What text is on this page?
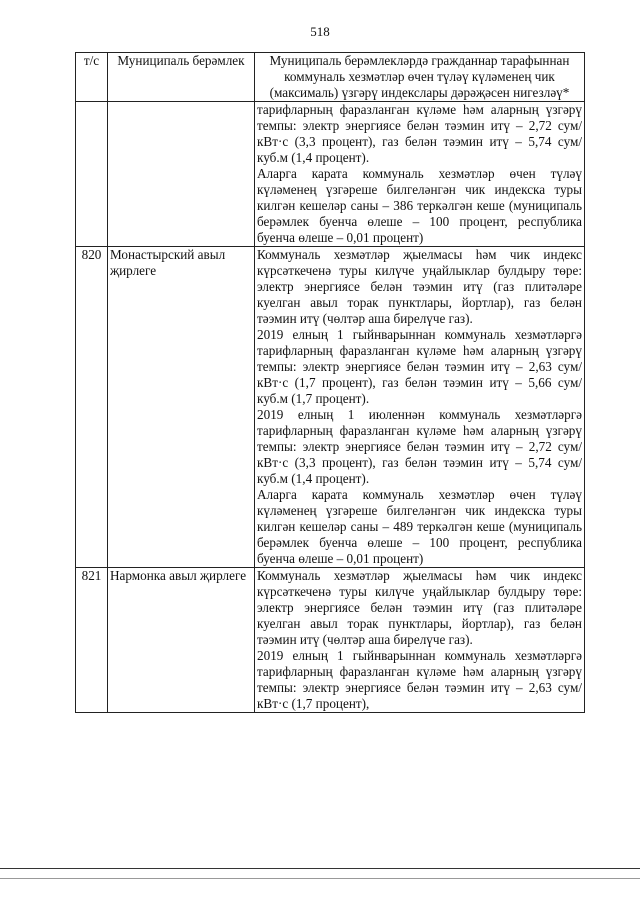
518
т/с	Муниципаль берәмлек	Муниципаль берәмлекләрдә гражданнар тарафыннан коммуналь хезмәтләр өчен түләү күләменең чик (максималь) үзгәрү индекслары дәрәҗәсен нигезләү*

		тарифларның фаразланган күләме һәм аларның үзгәрү темпы: электр энергиясе белән тәэмин итү – 2,72 сум/кВт·с (3,3 процент), газ белән тәэмин итү – 5,74 сум/куб.м (1,4 процент).

Аларга карата коммуналь хезмәтләр өчен түләү күләменең үзгәреше билгеләнгән чик индекска туры килгән кешеләр саны – 386 теркәлгән кеше (муниципаль берәмлек буенча өлеше – 100 процент, республика буенча өлеше – 0,01 процент)

820	Монастырский авыл җирлеге	Коммуналь хезмәтләр җыелмасы һәм чик индекс күрсәткеченә туры килүче уңайлыклар булдыру төре: электр энергиясе белән тәэмин итү (газ плитәләре куелган авыл торак пунктлары, йортлар), газ белән тәэмин итү (чөлтәр аша бирелүче газ).

2019 елның 1 гыйнварыннан коммуналь хезмәтләргә тарифларның фаразланган күләме һәм аларның үзгәрү темпы: электр энергиясе белән тәэмин итү – 2,63 сум/кВт·с (1,7 процент), газ белән тәэмин итү – 5,66 сум/куб.м (1,7 процент).

2019 елның 1 июленнән коммуналь хезмәтләргә тарифларның фаразланган күләме һәм аларның үзгәрү темпы: электр энергиясе белән тәэмин итү – 2,72 сум/кВт·с (3,3 процент), газ белән тәэмин итү – 5,74 сум/куб.м (1,4 процент).

Аларга карата коммуналь хезмәтләр өчен түләү күләменең үзгәреше билгеләнгән чик индекска туры килгән кешеләр саны – 489 теркәлгән кеше (муниципаль берәмлек буенча өлеше – 100 процент, республика буенча өлеше – 0,01 процент)

821	Нармонка авыл җирлеге	Коммуналь хезмәтләр җыелмасы һәм чик индекс күрсәткеченә туры килүче уңайлыклар булдыру төре: электр энергиясе белән тәэмин итү (газ плитәләре куелган авыл торак пунктлары, йортлар), газ белән тәэмин итү (чөлтәр аша бирелүче газ).

2019 елның 1 гыйнварыннан коммуналь хезмәтләргә тарифларның фаразланган күләме һәм аларның үзгәрү темпы: электр энергиясе белән тәэмин итү – 2,63 сум/кВт·с (1,7 процент),
